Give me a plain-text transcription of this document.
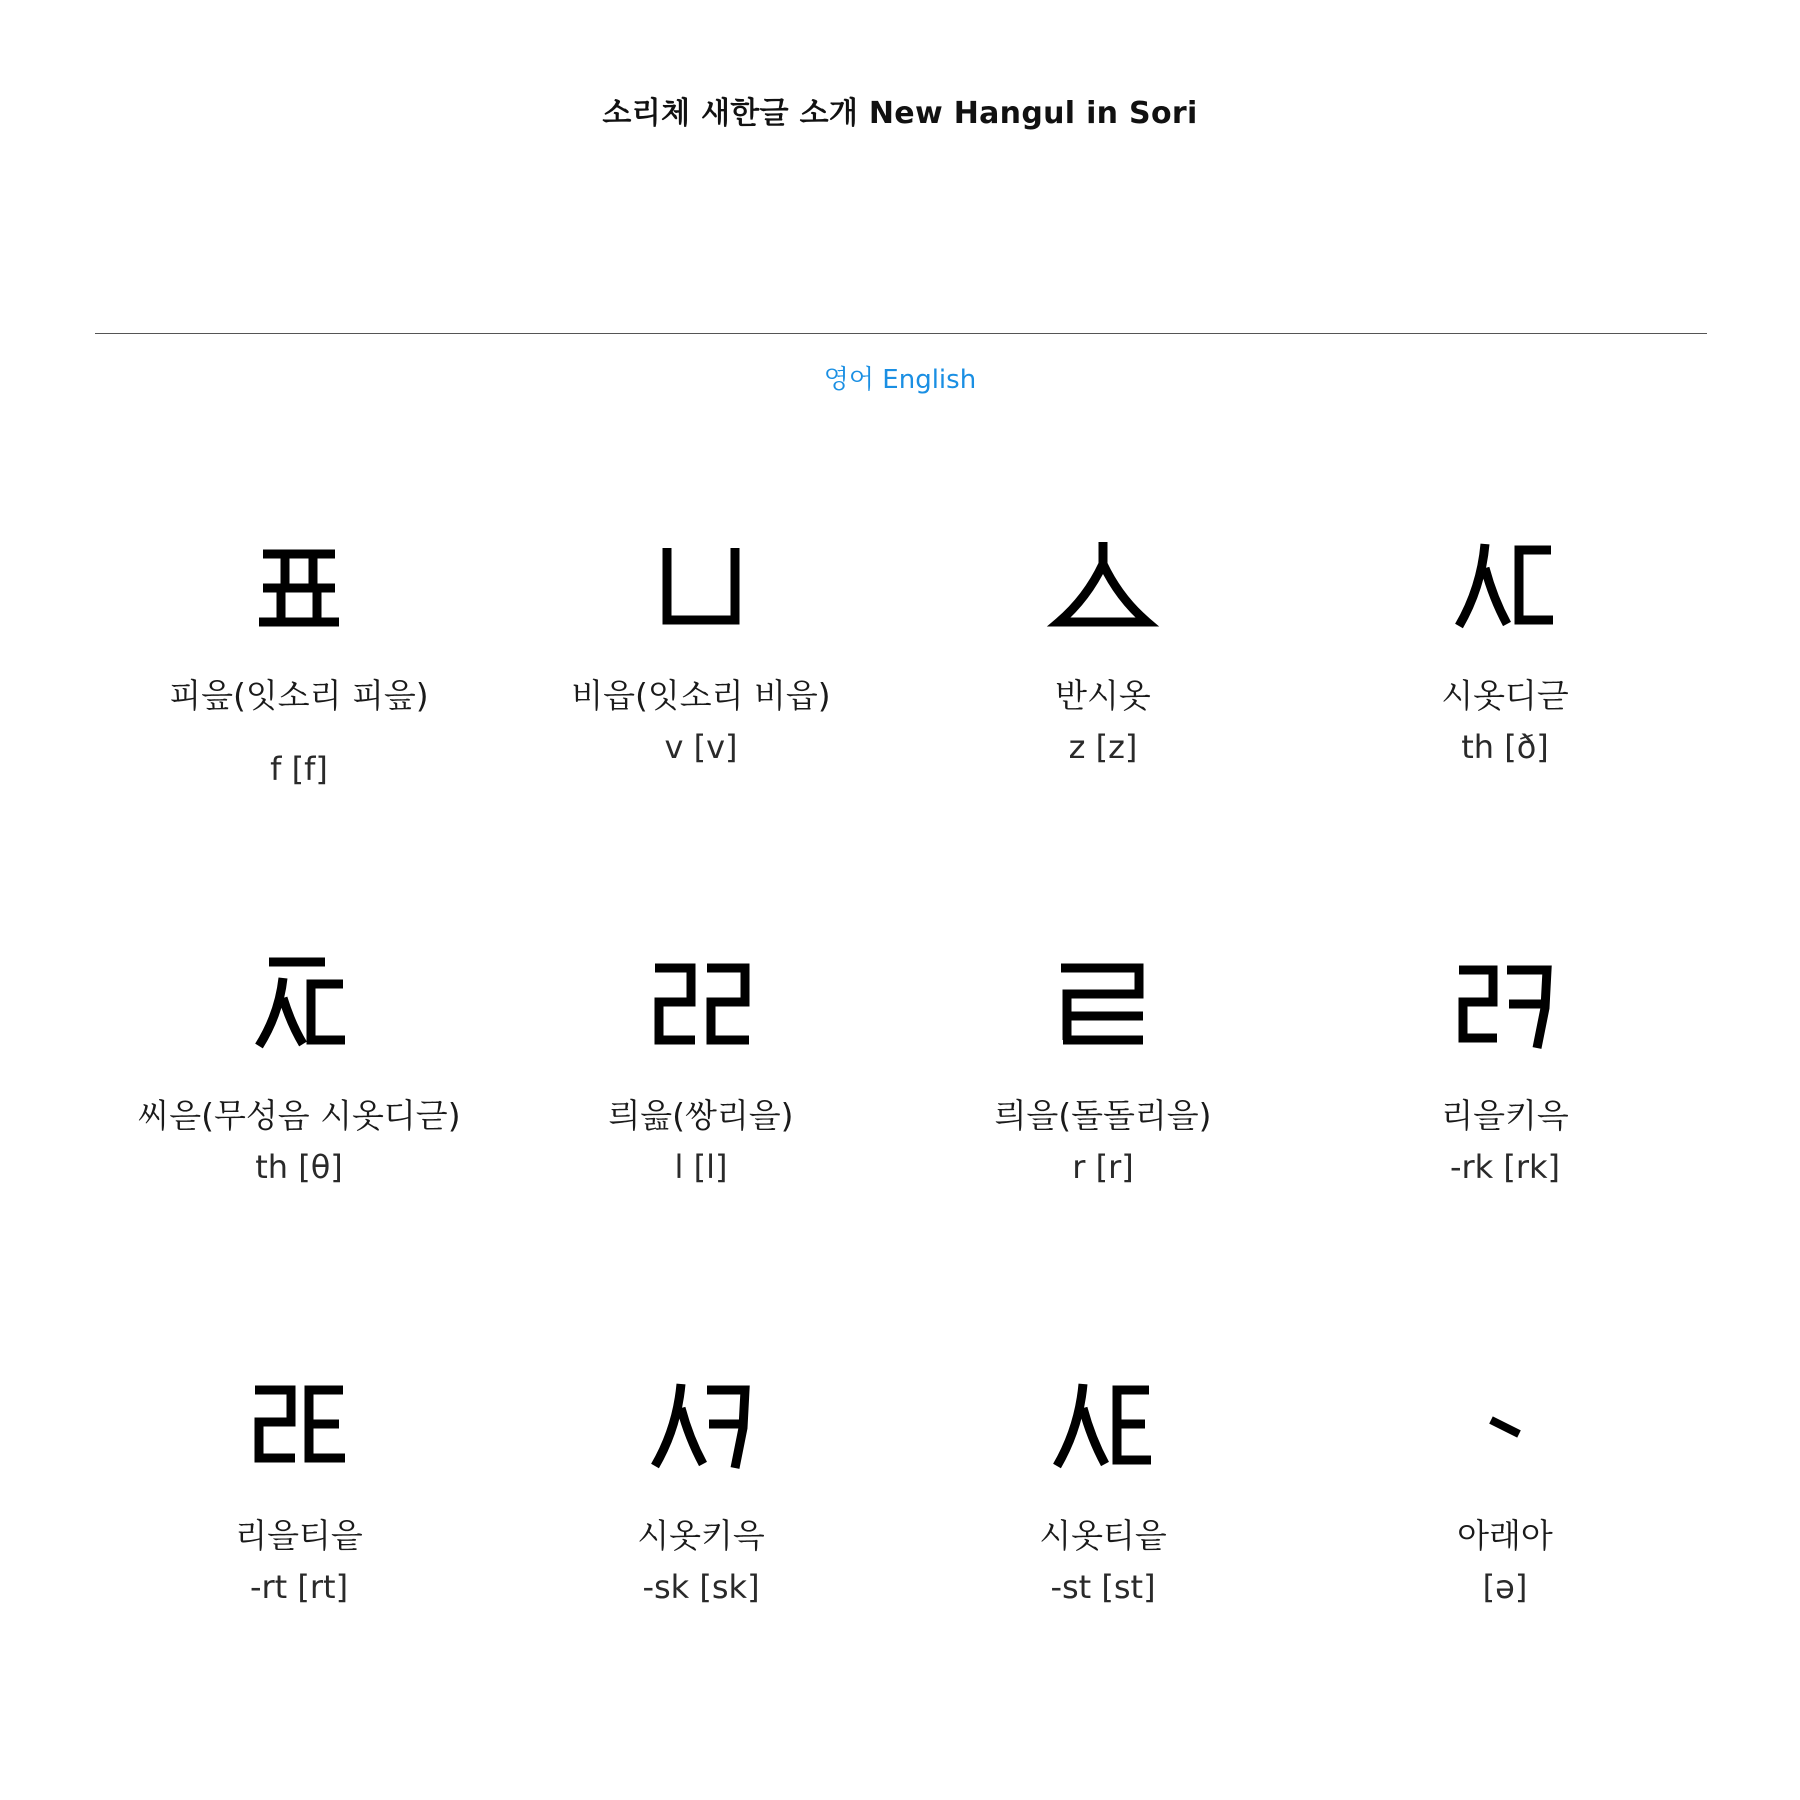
소리체 새한글 소개 New Hangul in Sori
영어 English
피읖(잇소리 피읖)
f [f]
비읍(잇소리 비읍)
v [v]
반시옷
z [z]
시옷디귿
th [ð]
씨읃(무성음 시옷디귿)
th [θ]
릐읊(쌍리을)
l [l]
릐을(돌돌리을)
r [r]
리을키윽
-rk [rk]
리을티읕
-rt [rt]
시옷키윽
-sk [sk]
시옷티읕
-st [st]
아래아
[ə]
